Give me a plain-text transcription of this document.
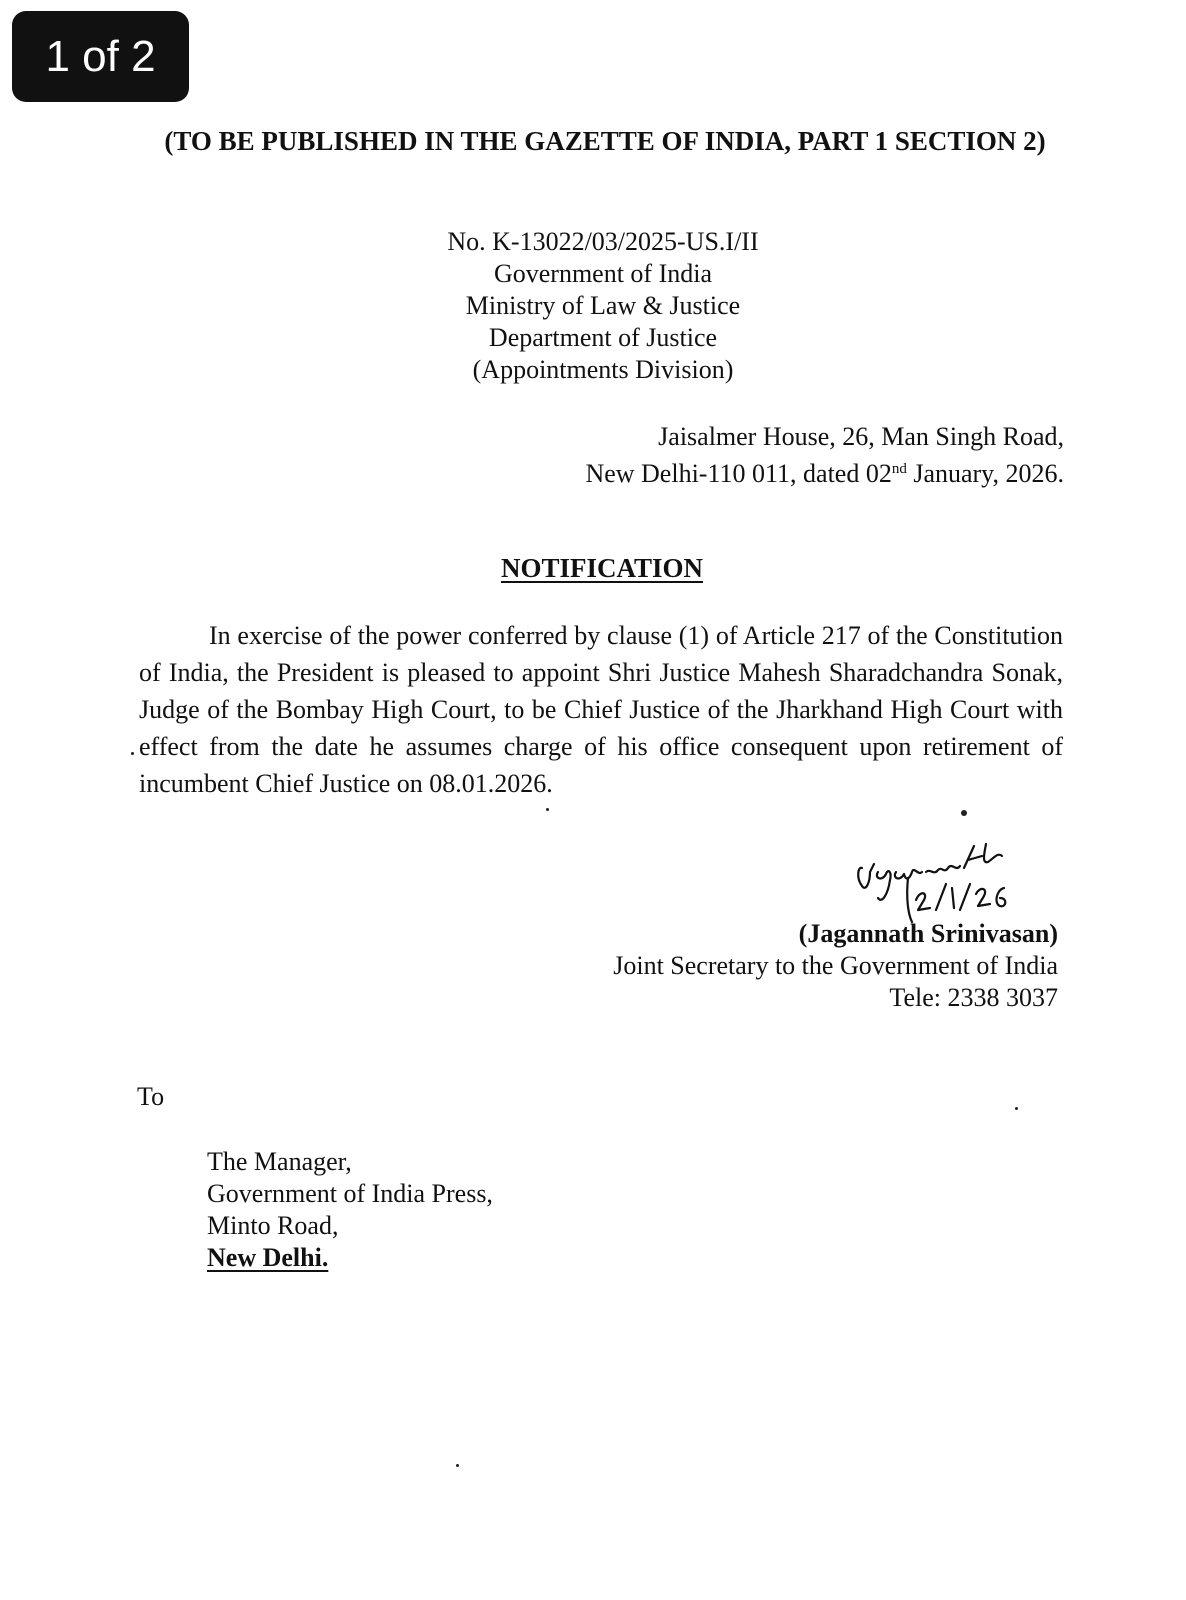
1 of 2
(TO BE PUBLISHED IN THE GAZETTE OF INDIA, PART 1 SECTION 2)
No. K-13022/03/2025-US.I/II
Government of India
Ministry of Law & Justice
Department of Justice
(Appointments Division)
Jaisalmer House, 26, Man Singh Road,
New Delhi-110 011, dated 02nd January, 2026.
NOTIFICATION

In exercise of the power conferred by clause (1) of Article 217 of the Constitution of India, the President is pleased to appoint Shri Justice Mahesh Sharadchandra Sonak, Judge of the Bombay High Court, to be Chief Justice of the Jharkhand High Court with effect from the date he assumes charge of his office consequent upon retirement of incumbent Chief Justice on 08.01.2026.

(Jagannath Srinivasan)
Joint Secretary to the Government of India
Tele: 2338 3037
To
The Manager,
Government of India Press,
Minto Road,
New Delhi.
